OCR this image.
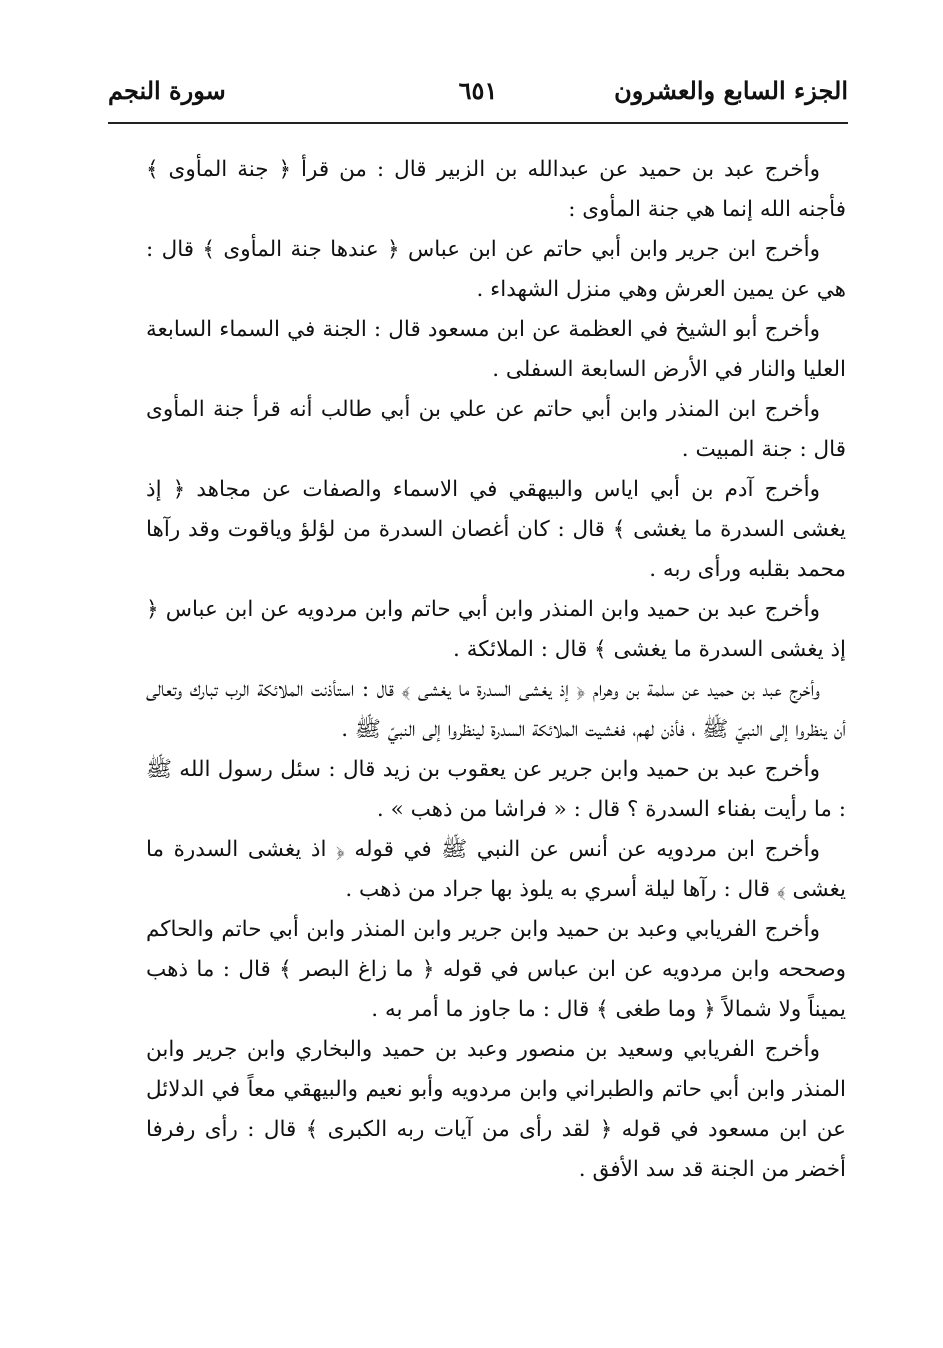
الجزء السابع والعشرون
٦٥١
سورة النجم

وأخرج عبد بن حميد عن عبدالله بن الزبير قال : من قرأ ﴿ جنة المأوى ﴾ فأجنه الله إنما هي جنة المأوى :

وأخرج ابن جرير وابن أبي حاتم عن ابن عباس ﴿ عندها جنة المأوى ﴾ قال : هي عن يمين العرش وهي منزل الشهداء .

وأخرج أبو الشيخ في العظمة عن ابن مسعود قال : الجنة في السماء السابعة العليا والنار في الأرض السابعة السفلى .

وأخرج ابن المنذر وابن أبي حاتم عن علي بن أبي طالب أنه قرأ جنة المأوى قال : جنة المبيت .

وأخرج آدم بن أبي اياس والبيهقي في الاسماء والصفات عن مجاهد ﴿ إذ يغشى السدرة ما يغشى ﴾ قال : كان أغصان السدرة من لؤلؤ وياقوت وقد رآها محمد بقلبه ورأى ربه .

وأخرج عبد بن حميد وابن المنذر وابن أبي حاتم وابن مردويه عن ابن عباس ﴿ إذ يغشى السدرة ما يغشى ﴾ قال : الملائكة .

وأخرج عبد بن حميد عن سلمة بن وهرام ﴿ إذ يغشى السدرة ما يغشى ﴾ قال : استأذنت الملائكة الرب تبارك وتعالى أن ينظروا إلى النبيّ ﷺ ، فأذن لهم، فغشيت الملائكة السدرة لينظروا إلى النبيّ ﷺ .

وأخرج عبد بن حميد وابن جرير عن يعقوب بن زيد قال : سئل رسول الله ﷺ : ما رأيت بفناء السدرة ؟ قال : « فراشا من ذهب » .

وأخرج ابن مردويه عن أنس عن النبي ﷺ في قوله ﴿ اذ يغشى السدرة ما يغشى ﴾ قال : رآها ليلة أسري به يلوذ بها جراد من ذهب .

وأخرج الفريابي وعبد بن حميد وابن جرير وابن المنذر وابن أبي حاتم والحاكم وصححه وابن مردويه عن ابن عباس في قوله ﴿ ما زاغ البصر ﴾ قال : ما ذهب يميناً ولا شمالاً ﴿ وما طغى ﴾ قال : ما جاوز ما أمر به .

وأخرج الفريابي وسعيد بن منصور وعبد بن حميد والبخاري وابن جرير وابن المنذر وابن أبي حاتم والطبراني وابن مردويه وأبو نعيم والبيهقي معاً في الدلائل عن ابن مسعود في قوله ﴿ لقد رأى من آيات ربه الكبرى ﴾ قال : رأى رفرفا أخضر من الجنة قد سد الأفق .
